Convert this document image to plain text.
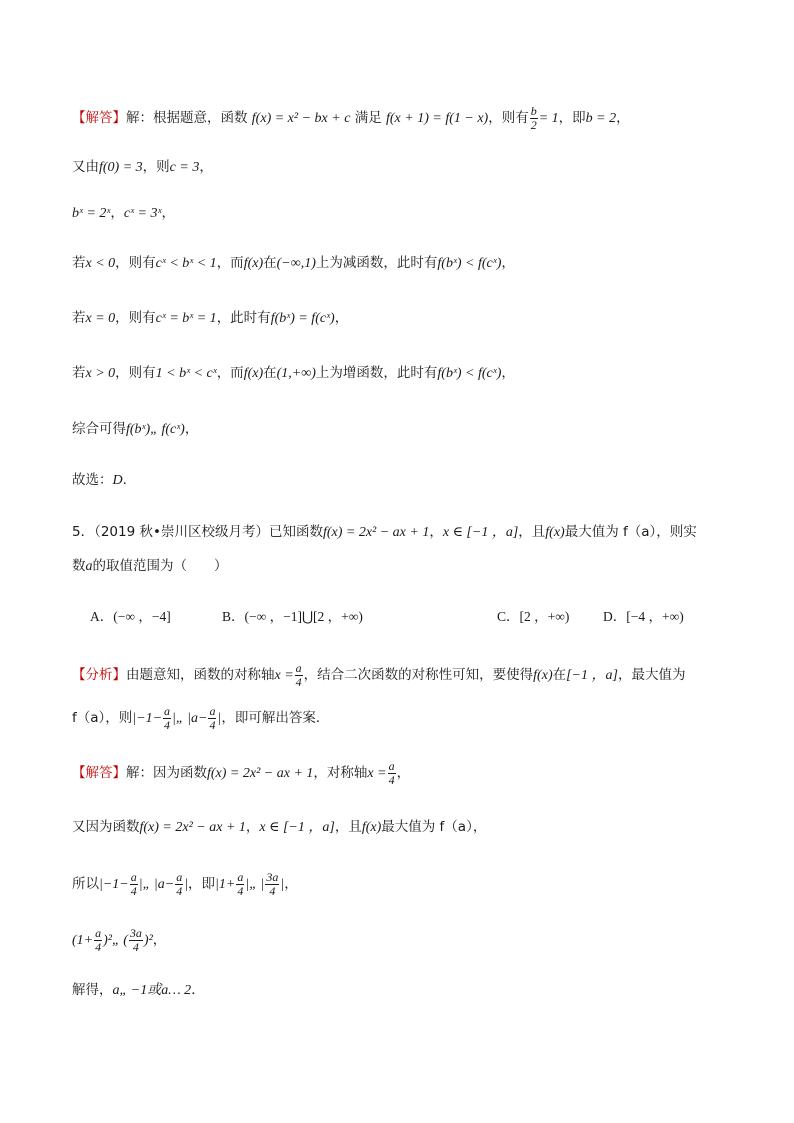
【解答】解：根据题意，函数 f(x) = x² − bx + c 满足 f(x + 1) = f(1 − x)，则有 $\frac{b}{2} = 1$，即b = 2，
又由f(0) = 3，则c = 3，
bˣ = 2ˣ，cˣ = 3ˣ，
若x < 0，则有cˣ < bˣ < 1，而f(x)在(−∞,1)上为减函数，此时有f(bˣ) < f(cˣ)，
若x = 0，则有cˣ = bˣ = 1，此时有f(bˣ) = f(cˣ)，
若x > 0，则有1 < bˣ < cˣ，而f(x)在(1,+∞)上为增函数，此时有f(bˣ) < f(cˣ)，
综合可得f(bˣ)„ f(cˣ)，
故选：D．
5．（2019 秋•崇川区校级月考）已知函数f(x) = 2x² − ax + 1，x ∈ [−1 ，a]，且f(x)最大值为 f（a），则实
数a的取值范围为（　　）
A．(−∞ ，−4]	B．(−∞ ，−1]⋃[2 ，+∞)	C．[2 ，+∞) D．[−4 ，+∞)
【分析】由题意知，函数的对称轴$x = \frac{a}{4}$ ，结合二次函数的对称性可知，要使得f(x)在[−1 ，a]，最大值为
f（a），则$|-1- \frac{a}{4}$ |„ $|a- \frac{a}{4}$ |，即可解出答案．
【解答】解：因为函数f(x) = 2x² − ax + 1，对称轴$x = \frac{a}{4}$ ，
又因为函数f(x) = 2x² − ax + 1，x ∈ [−1 ，a]，且f(x)最大值为 f（a），
所以$|-1- \frac{a}{4}$ |„ $|a- \frac{a}{4}$ |，即$|1+ \frac{a}{4}$ |„ | $\frac{3a}{4}$ |，
($1+ \frac{a}{4}$ )²„ ( $\frac{3a}{4} )^2$，
解得，a„ −1或a… 2．
